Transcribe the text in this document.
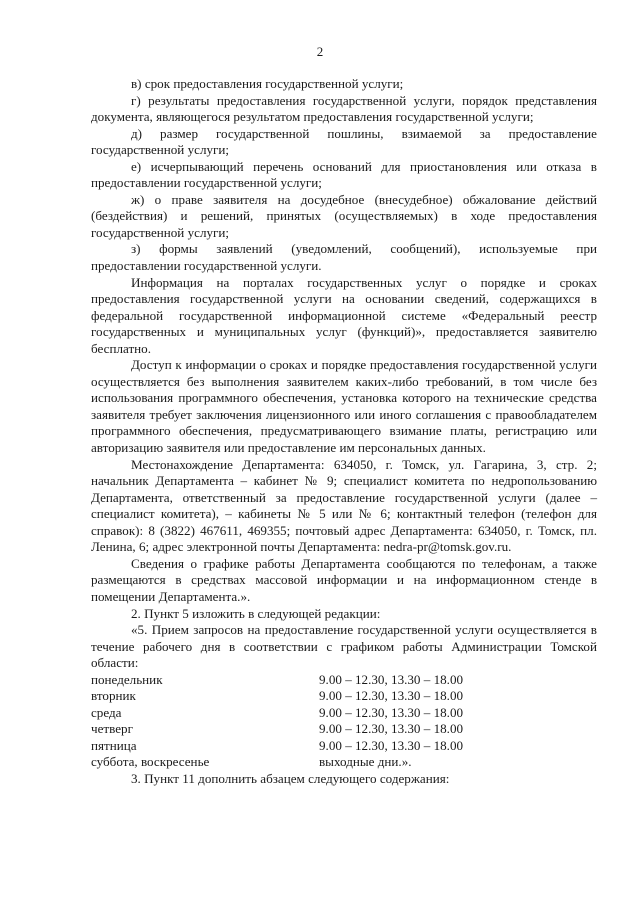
2

в) срок предоставления государственной услуги;

г) результаты предоставления государственной услуги, порядок представления документа, являющегося результатом предоставления государственной услуги;

д) размер государственной пошлины, взимаемой за предоставление государственной услуги;

е) исчерпывающий перечень оснований для приостановления или отказа в предоставлении государственной услуги;

ж) о праве заявителя на досудебное (внесудебное) обжалование действий (бездействия) и решений, принятых (осуществляемых) в ходе предоставления государственной услуги;

з) формы заявлений (уведомлений, сообщений), используемые при предоставлении государственной услуги.

Информация на порталах государственных услуг о порядке и сроках предоставления государственной услуги на основании сведений, содержащихся в федеральной государственной информационной системе «Федеральный реестр государственных и муниципальных услуг (функций)», предоставляется заявителю бесплатно.

Доступ к информации о сроках и порядке предоставления государственной услуги осуществляется без выполнения заявителем каких-либо требований, в том числе без использования программного обеспечения, установка которого на технические средства заявителя требует заключения лицензионного или иного соглашения с правообладателем программного обеспечения, предусматривающего взимание платы, регистрацию или авторизацию заявителя или предоставление им персональных данных.

Местонахождение Департамента: 634050, г. Томск, ул. Гагарина, 3, стр. 2; начальник Департамента – кабинет № 9; специалист комитета по недропользованию Департамента, ответственный за предоставление государственной услуги (далее – специалист комитета), – кабинеты № 5 или № 6; контактный телефон (телефон для справок): 8 (3822) 467611, 469355; почтовый адрес Департамента: 634050, г. Томск, пл. Ленина, 6; адрес электронной почты Департамента: nedra-pr@tomsk.gov.ru.

Сведения о графике работы Департамента сообщаются по телефонам, а также размещаются в средствах массовой информации и на информационном стенде в помещении Департамента.».

2. Пункт 5 изложить в следующей редакции:

«5. Прием запросов на предоставление государственной услуги осуществляется в течение рабочего дня в соответствии с графиком работы Администрации Томской области:

понедельник	9.00 – 12.30, 13.30 – 18.00
вторник	9.00 – 12.30, 13.30 – 18.00
среда	9.00 – 12.30, 13.30 – 18.00
четверг	9.00 – 12.30, 13.30 – 18.00
пятница	9.00 – 12.30, 13.30 – 18.00
суббота, воскресенье	выходные дни.».

3. Пункт 11 дополнить абзацем следующего содержания:
